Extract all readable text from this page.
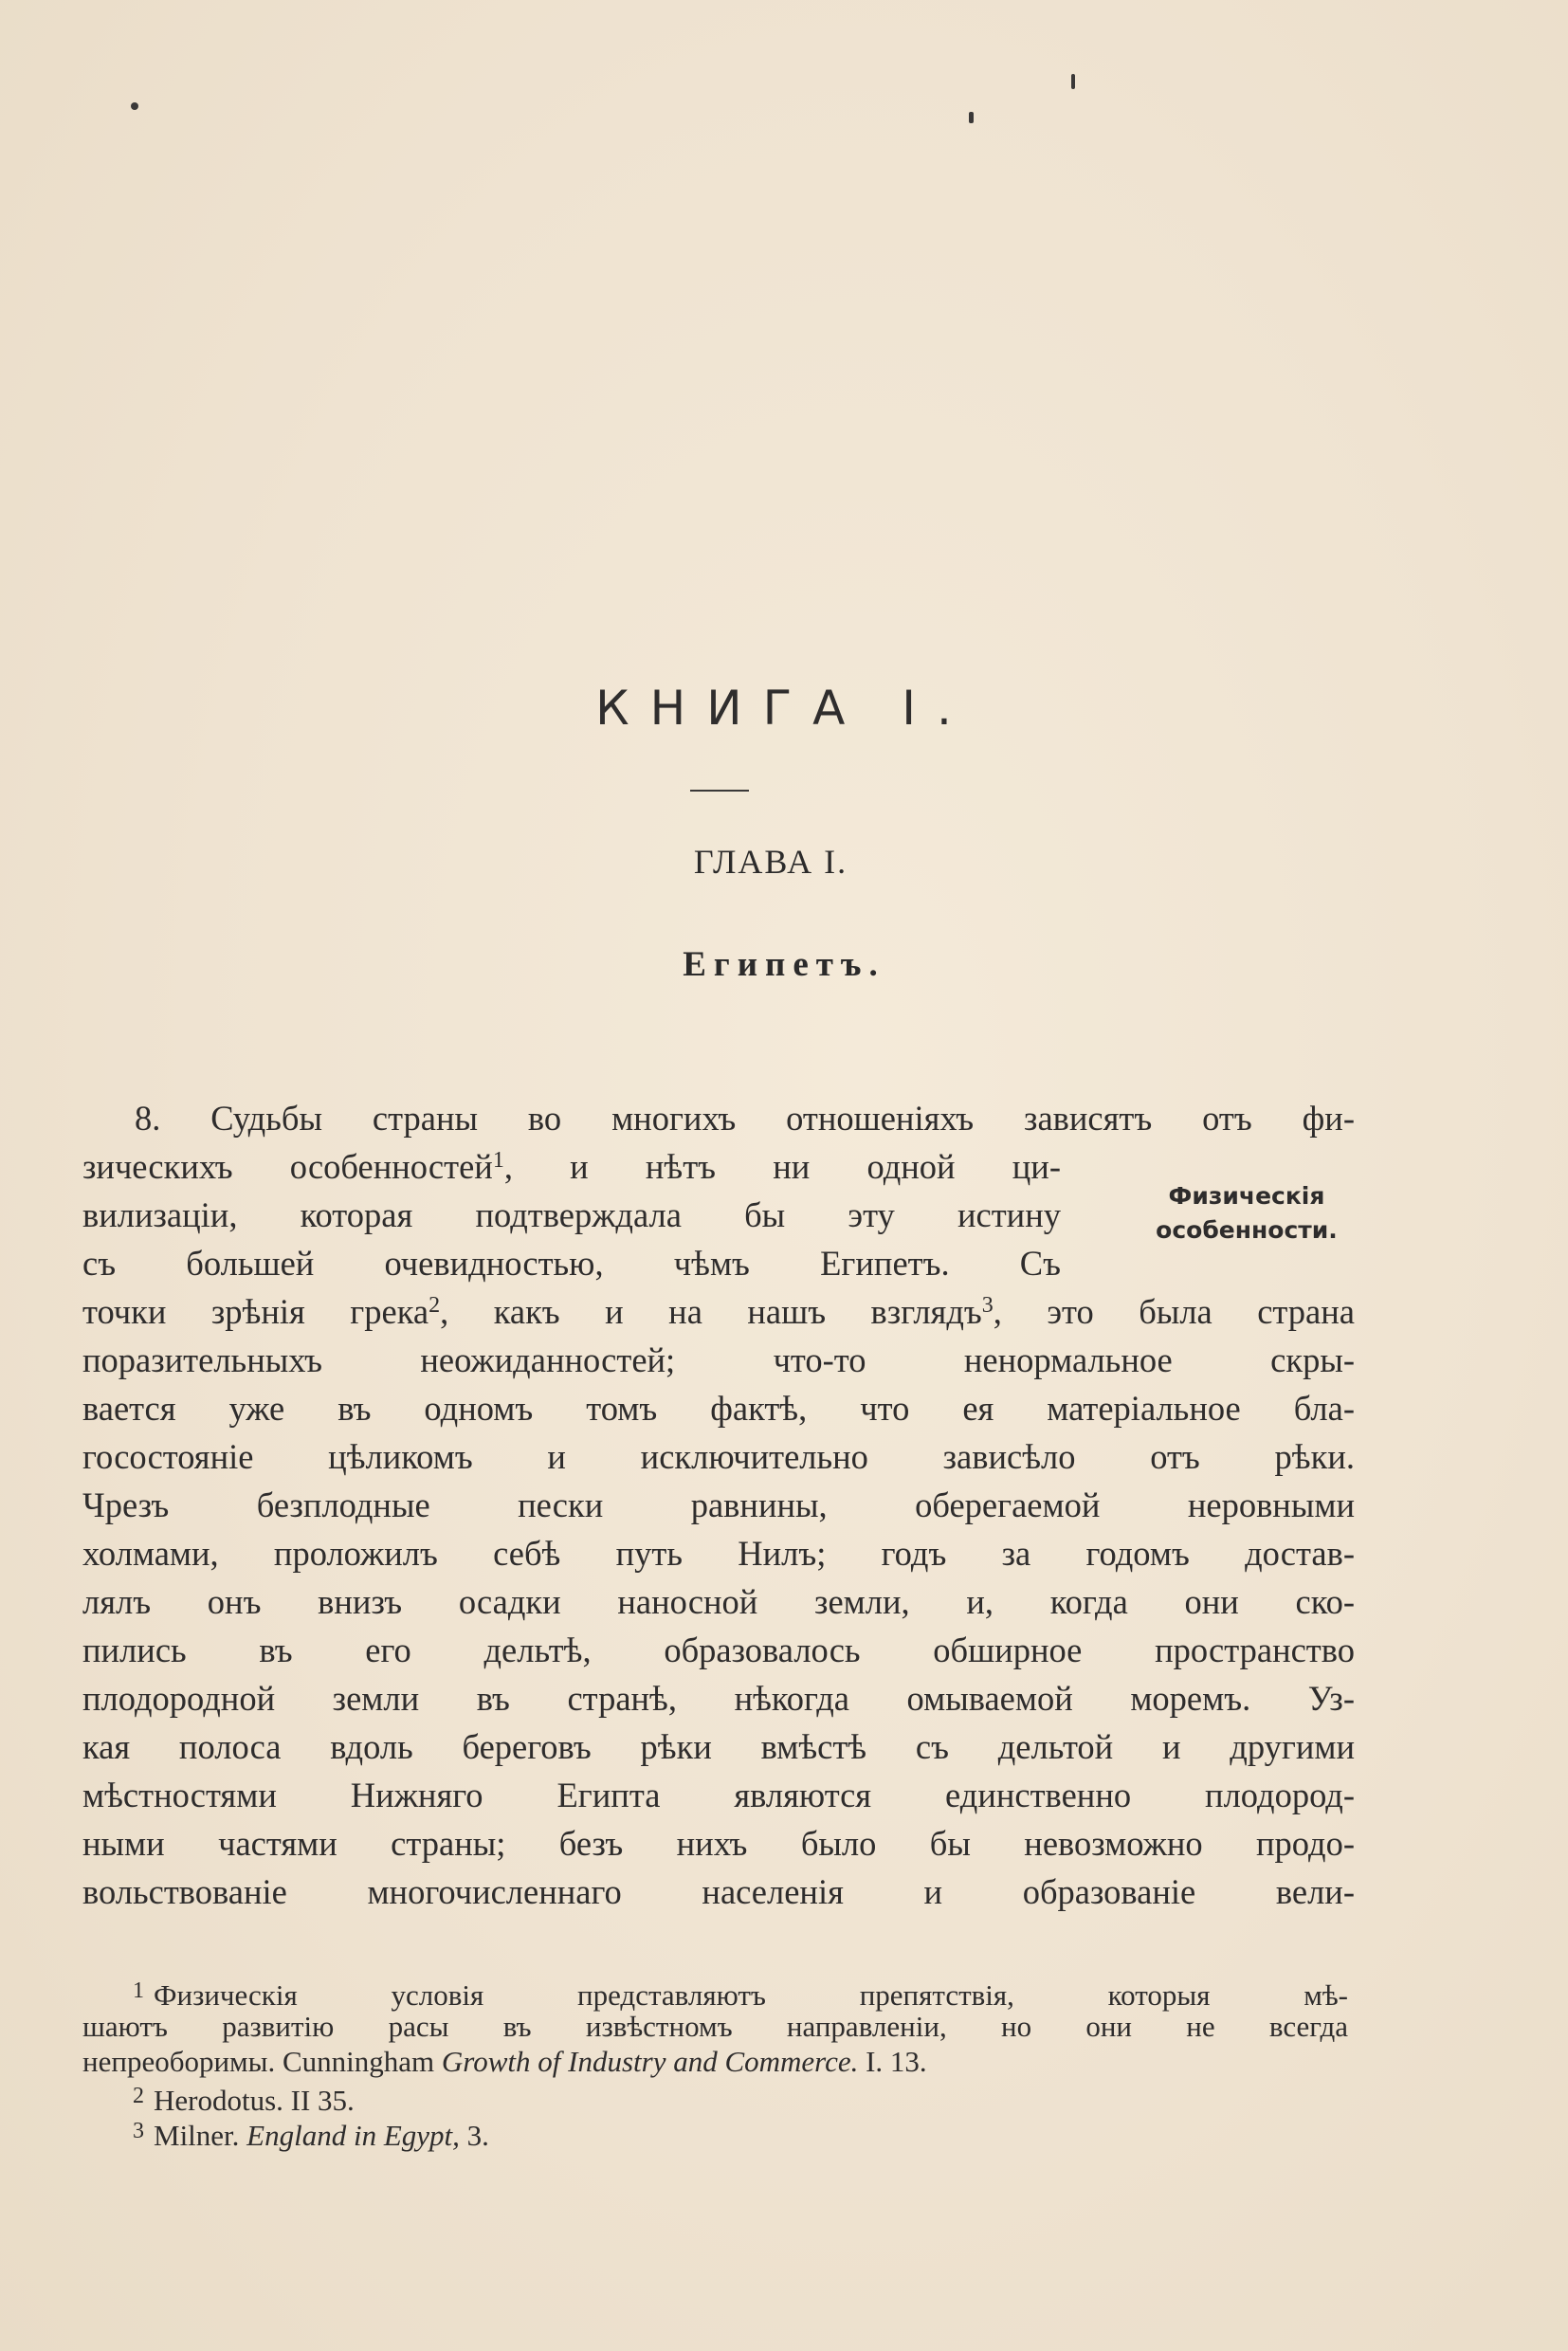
КНИГА I.
ГЛАВА I.
Египетъ.
Физическія
особенности.
8. Судьбы страны во многихъ отношеніяхъ зависятъ отъ фи-
зическихъ особенностей$^1$, и нѣтъ ни одной ци-
вилизаціи, которая подтверждала бы эту истину
съ большей очевидностью, чѣмъ Египетъ. Съ
точки зрѣнія грека$^2$, какъ и на нашъ взглядъ$^3$, это была страна
поразительныхъ неожиданностей; что-то ненормальное скры-
вается уже въ одномъ томъ фактѣ, что ея матеріальное бла-
госостояніе цѣликомъ и исключительно зависѣло отъ рѣки.
Чрезъ безплодные пески равнины, оберегаемой неровными
холмами, проложилъ себѣ путь Нилъ; годъ за годомъ достав-
лялъ онъ внизъ осадки наносной земли, и, когда они ско-
пились въ его дельтѣ, образовалось обширное пространство
плодородной земли въ странѣ, нѣкогда омываемой моремъ. Уз-
кая полоса вдоль береговъ рѣки вмѣстѣ съ дельтой и другими
мѣстностями Нижняго Египта являются единственно плодород-
ными частями страны; безъ нихъ было бы невозможно продо-
вольствованіе многочисленнаго населенія и образованіе вели-
$^1$ Физическія условія представляютъ препятствія, которыя мѣ-
шаютъ развитію расы въ извѣстномъ направленіи, но они не всегда
непреоборимы. Cunningham Growth of Industry and Commerce. I. 13.
$^2$ Herodotus. II 35.
$^3$ Milner. England in Egypt, 3.
